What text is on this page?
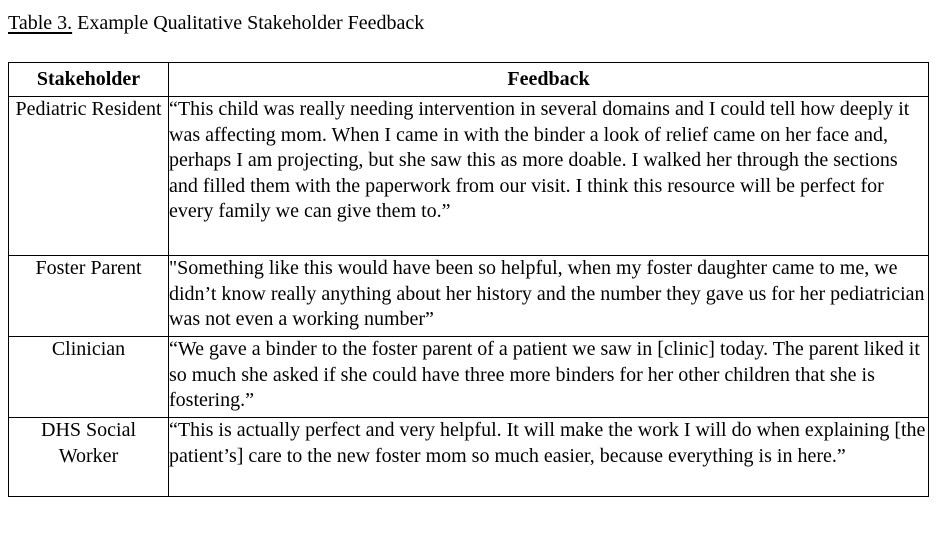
Table 3. Example Qualitative Stakeholder Feedback
Stakeholder	Feedback
Pediatric Resident	“This child was really needing intervention in several domains and I could tell how deeply it was affecting mom. When I came in with the binder a look of relief came on her face and, perhaps I am projecting, but she saw this as more doable. I walked her through the sections and filled them with the paperwork from our visit. I think this resource will be perfect for every family we can give them to.”
Foster Parent	"Something like this would have been so helpful, when my foster daughter came to me, we didn’t know really anything about her history and the number they gave us for her pediatrician was not even a working number”
Clinician	“We gave a binder to the foster parent of a patient we saw in [clinic] today. The parent liked it so much she asked if she could have three more binders for her other children that she is fostering.”
DHS Social Worker	“This is actually perfect and very helpful. It will make the work I will do when explaining [the patient’s] care to the new foster mom so much easier, because everything is in here.”
